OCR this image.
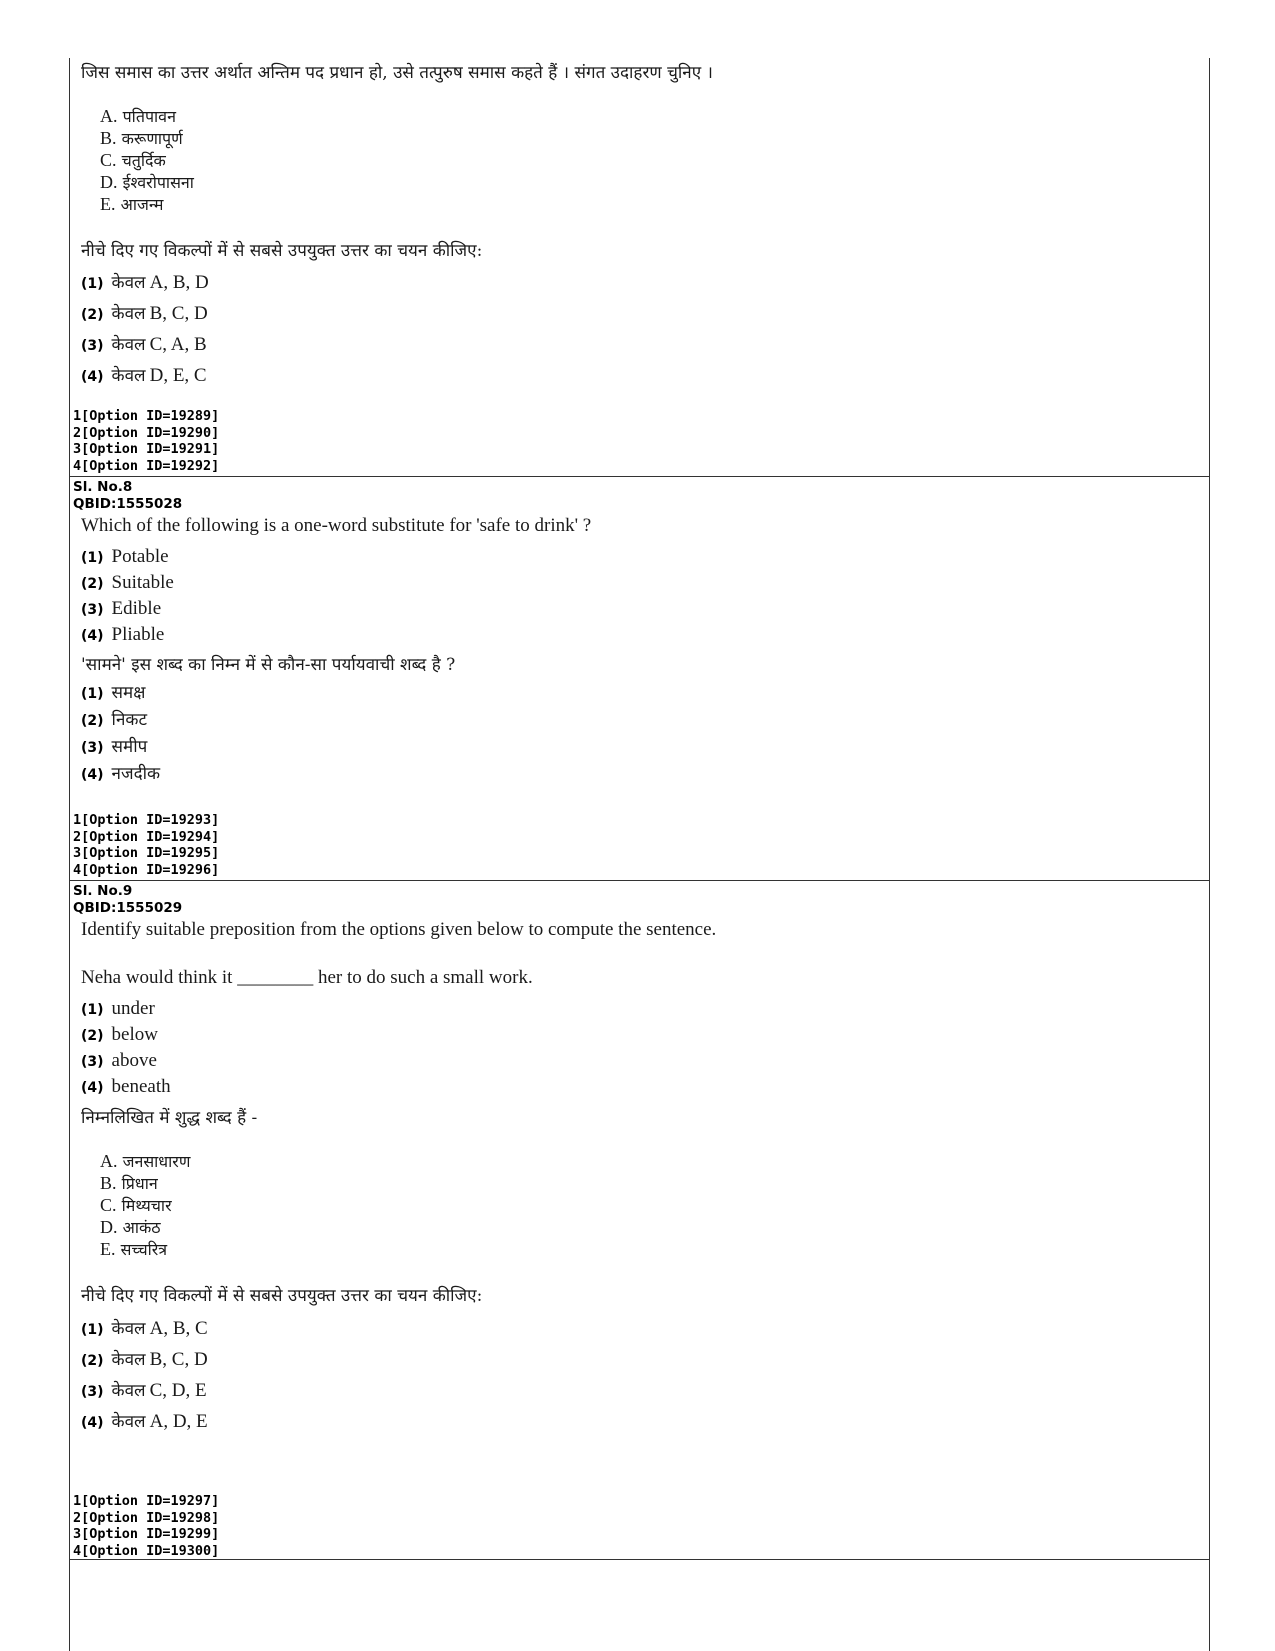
जिस समास का उत्तर अर्थात अन्तिम पद प्रधान हो, उसे तत्पुरुष समास कहते हैं । संगत उदाहरण चुनिए ।
A. पतिपावन
B. करूणापूर्ण
C. चतुर्दिक
D. ईश्वरोपासना
E. आजन्म
नीचे दिए गए विकल्पों में से सबसे उपयुक्त उत्तर का चयन कीजिए:
(1) केवल A, B, D
(2) केवल B, C, D
(3) केवल C, A, B
(4) केवल D, E, C
1[Option ID=19289]
2[Option ID=19290]
3[Option ID=19291]
4[Option ID=19292]
Sl. No.8
QBID:1555028
Which of the following is a one-word substitute for 'safe to drink' ?
(1) Potable
(2) Suitable
(3) Edible
(4) Pliable
'सामने' इस शब्द का निम्न में से कौन-सा पर्यायवाची शब्द है ?
(1) समक्ष
(2) निकट
(3) समीप
(4) नजदीक
1[Option ID=19293]
2[Option ID=19294]
3[Option ID=19295]
4[Option ID=19296]
Sl. No.9
QBID:1555029
Identify suitable preposition from the options given below to compute the sentence.
Neha would think it ________ her to do such a small work.
(1) under
(2) below
(3) above
(4) beneath
निम्नलिखित में शुद्ध शब्द हैं -
A. जनसाधारण
B. प्रिधान
C. मिथ्यचार
D. आकंठ
E. सच्चरित्र
नीचे दिए गए विकल्पों में से सबसे उपयुक्त उत्तर का चयन कीजिए:
(1) केवल A, B, C
(2) केवल B, C, D
(3) केवल C, D, E
(4) केवल A, D, E
1[Option ID=19297]
2[Option ID=19298]
3[Option ID=19299]
4[Option ID=19300]
